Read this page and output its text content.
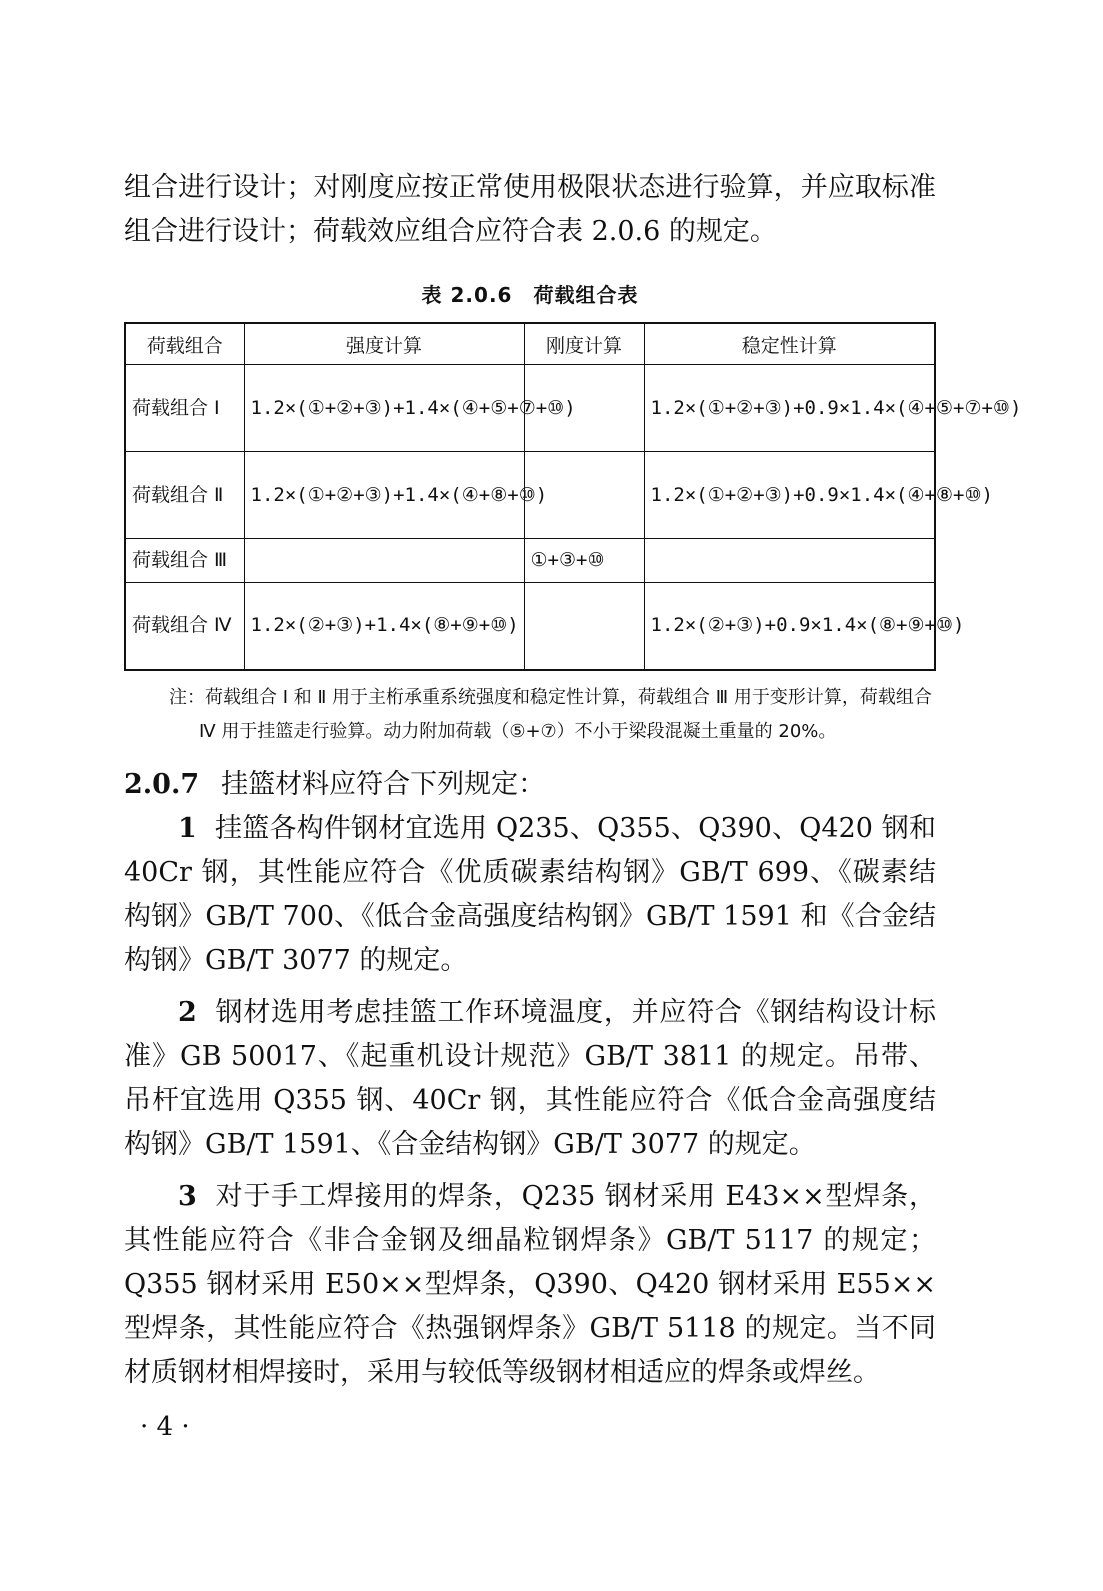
组合进行设计；对刚度应按正常使用极限状态进行验算，并应取标准组合进行设计；荷载效应组合应符合表 2.0.6 的规定。

表 2.0.6　荷载组合表
荷载组合	强度计算	刚度计算	稳定性计算
荷载组合 Ⅰ	1.2×(①+②+③)+1.4×(④+⑤+⑦+⑩)		1.2×(①+②+③)+0.9×1.4×(④+⑤+⑦+⑩)
荷载组合 Ⅱ	1.2×(①+②+③)+1.4×(④+⑧+⑩)		1.2×(①+②+③)+0.9×1.4×(④+⑧+⑩)
荷载组合 Ⅲ		①+③+⑩	
荷载组合 Ⅳ	1.2×(②+③)+1.4×(⑧+⑨+⑩)		1.2×(②+③)+0.9×1.4×(⑧+⑨+⑩)

注：荷载组合 Ⅰ 和 Ⅱ 用于主桁承重系统强度和稳定性计算，荷载组合 Ⅲ 用于变形计算，荷载组合 Ⅳ 用于挂篮走行验算。动力附加荷载（⑤+⑦）不小于梁段混凝土重量的 20%。

2.0.7 挂篮材料应符合下列规定：

1 挂篮各构件钢材宜选用 Q235、Q355、Q390、Q420 钢和 40Cr 钢，其性能应符合《优质碳素结构钢》GB/T 699、《碳素结构钢》GB/T 700、《低合金高强度结构钢》GB/T 1591 和《合金结构钢》GB/T 3077 的规定。

2 钢材选用考虑挂篮工作环境温度，并应符合《钢结构设计标准》GB 50017、《起重机设计规范》GB/T 3811 的规定。吊带、吊杆宜选用 Q355 钢、40Cr 钢，其性能应符合《低合金高强度结构钢》GB/T 1591、《合金结构钢》GB/T 3077 的规定。

3 对于手工焊接用的焊条，Q235 钢材采用 E43××型焊条，其性能应符合《非合金钢及细晶粒钢焊条》GB/T 5117 的规定；Q355 钢材采用 E50××型焊条，Q390、Q420 钢材采用 E55××型焊条，其性能应符合《热强钢焊条》GB/T 5118 的规定。当不同材质钢材相焊接时，采用与较低等级钢材相适应的焊条或焊丝。

· 4 ·
